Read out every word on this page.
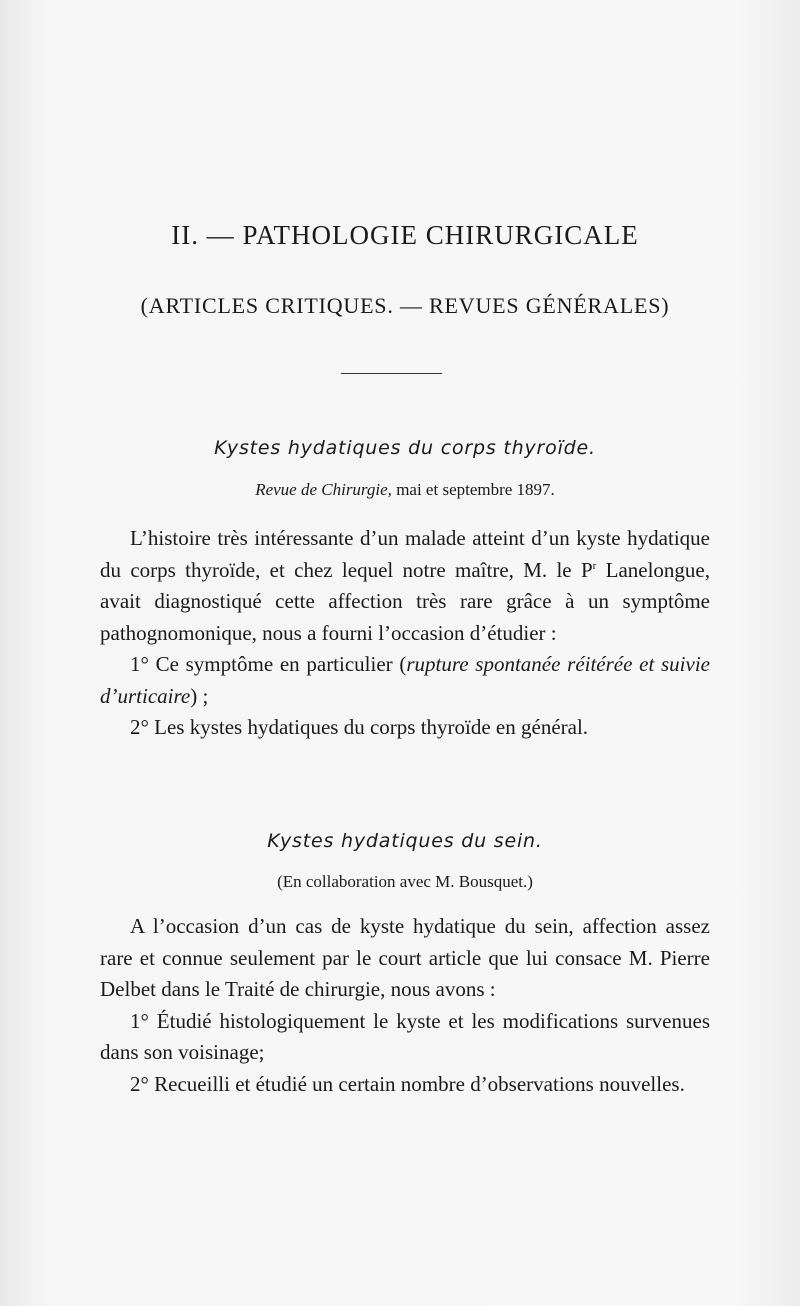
II. — PATHOLOGIE CHIRURGICALE
(ARTICLES CRITIQUES. — REVUES GÉNÉRALES)
Kystes hydatiques du corps thyroïde.
Revue de Chirurgie, mai et septembre 1897.

L’histoire très intéressante d’un malade atteint d’un kyste hydatique du corps thyroïde, et chez lequel notre maître, M. le $P^r$ Lanelongue, avait diagnostiqué cette affection très rare grâce à un symptôme pathognomonique, nous a fourni l’occasion d’étudier :

1° Ce symptôme en particulier (rupture spontanée réitérée et suivie d’urticaire) ;

2° Les kystes hydatiques du corps thyroïde en général.

Kystes hydatiques du sein.
(En collaboration avec M. Bousquet.)

A l’occasion d’un cas de kyste hydatique du sein, affection assez rare et connue seulement par le court article que lui consace M. Pierre Delbet dans le Traité de chirurgie, nous avons :

1° Étudié histologiquement le kyste et les modifications survenues dans son voisinage;

2° Recueilli et étudié un certain nombre d’observations nouvelles.
